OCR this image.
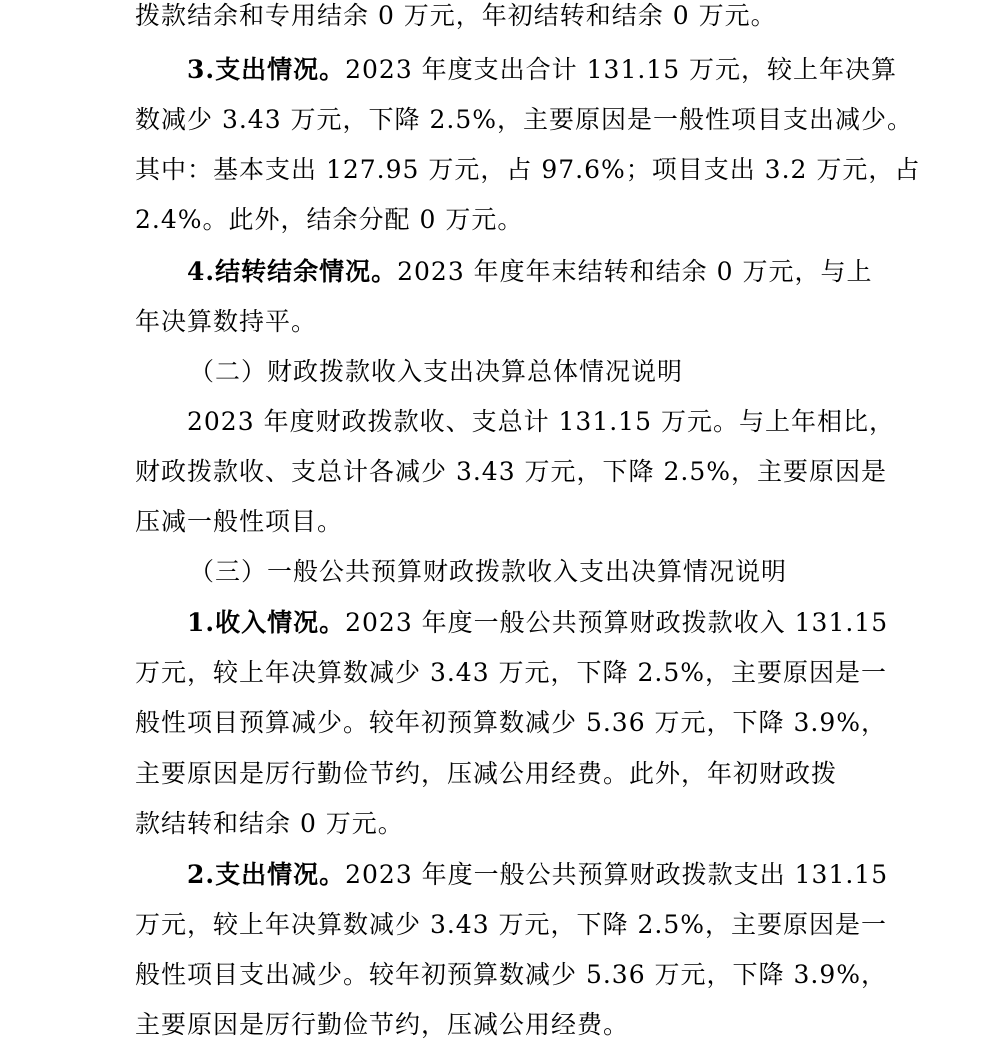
拨款结余和专用结余 0 万元，年初结转和结余 0 万元。
3.支出情况。2023 年度支出合计 131.15 万元，较上年决算
数减少 3.43 万元，下降 2.5%，主要原因是一般性项目支出减少。
其中：基本支出 127.95 万元，占 97.6%；项目支出 3.2 万元，占
2.4%。此外，结余分配 0 万元。
4.结转结余情况。2023 年度年末结转和结余 0 万元，与上
年决算数持平。
（二）财政拨款收入支出决算总体情况说明
2023 年度财政拨款收、支总计 131.15 万元。与上年相比，
财政拨款收、支总计各减少 3.43 万元，下降 2.5%，主要原因是
压减一般性项目。
（三）一般公共预算财政拨款收入支出决算情况说明
1.收入情况。2023 年度一般公共预算财政拨款收入 131.15
万元，较上年决算数减少 3.43 万元，下降 2.5%，主要原因是一
般性项目预算减少。较年初预算数减少 5.36 万元，下降 3.9%，
主要原因是厉行勤俭节约，压减公用经费。此外，年初财政拨
款结转和结余 0 万元。
2.支出情况。2023 年度一般公共预算财政拨款支出 131.15
万元，较上年决算数减少 3.43 万元，下降 2.5%，主要原因是一
般性项目支出减少。较年初预算数减少 5.36 万元，下降 3.9%，
主要原因是厉行勤俭节约，压减公用经费。
